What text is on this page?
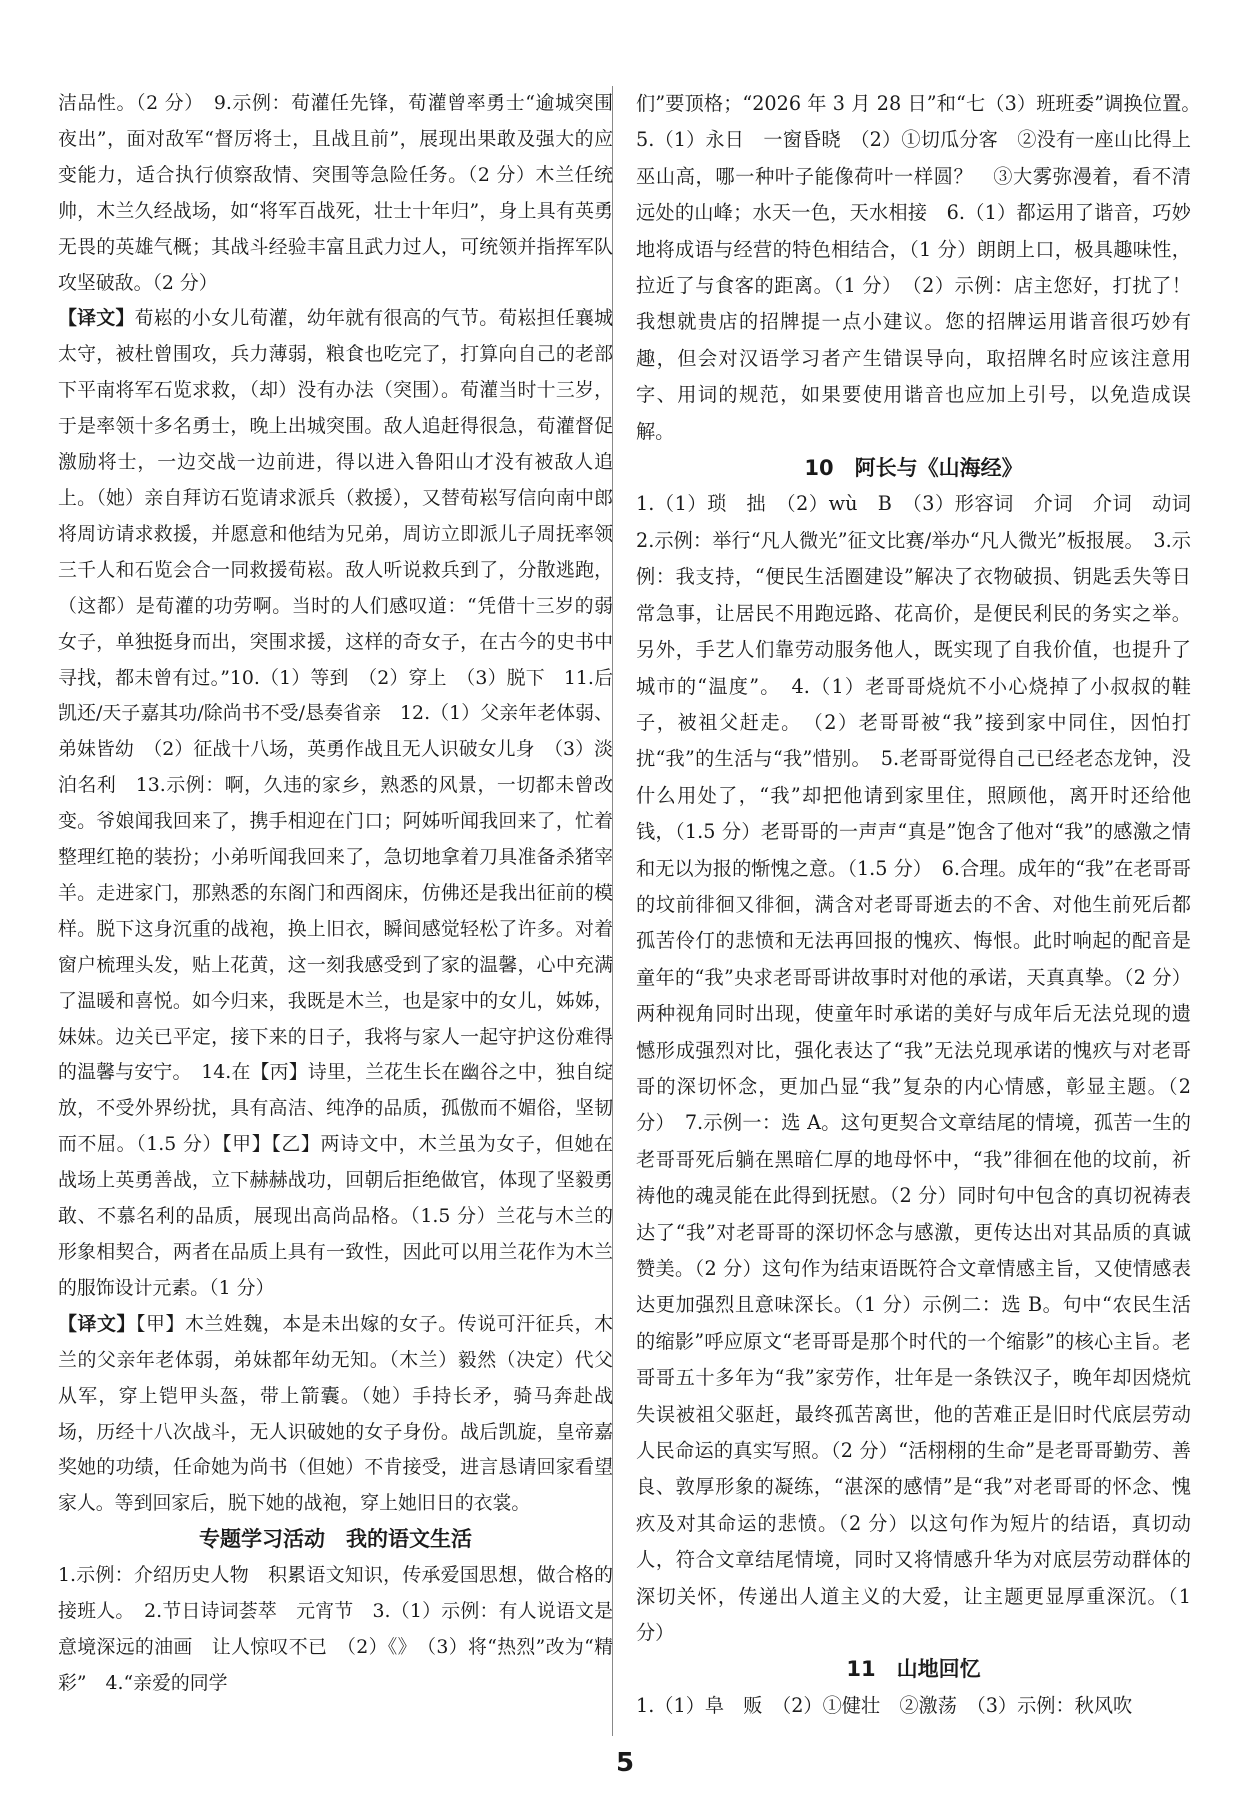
洁品性。（2 分）　9.示例：荀灌任先锋，荀灌曾率勇士“逾城突围夜出”，面对敌军“督厉将士，且战且前”，展现出果敢及强大的应变能力，适合执行侦察敌情、突围等急险任务。（2 分）木兰任统帅，木兰久经战场，如“将军百战死，壮士十年归”，身上具有英勇无畏的英雄气概；其战斗经验丰富且武力过人，可统领并指挥军队攻坚破敌。（2 分）

【译文】荀崧的小女儿荀灌，幼年就有很高的气节。荀崧担任襄城太守，被杜曾围攻，兵力薄弱，粮食也吃完了，打算向自己的老部下平南将军石览求救，（却）没有办法（突围）。荀灌当时十三岁，于是率领十多名勇士，晚上出城突围。敌人追赶得很急，荀灌督促激励将士，一边交战一边前进，得以进入鲁阳山才没有被敌人追上。（她）亲自拜访石览请求派兵（救援），又替荀崧写信向南中郎将周访请求救援，并愿意和他结为兄弟，周访立即派儿子周抚率领三千人和石览会合一同救援荀崧。敌人听说救兵到了，分散逃跑，（这都）是荀灌的功劳啊。当时的人们感叹道：“凭借十三岁的弱女子，单独挺身而出，突围求援，这样的奇女子，在古今的史书中寻找，都未曾有过。”10.（1）等到　（2）穿上　（3）脱下　11.后凯还/天子嘉其功/除尚书不受/恳奏省亲　12.（1）父亲年老体弱、弟妹皆幼　（2）征战十八场，英勇作战且无人识破女儿身　（3）淡泊名利　13.示例：啊，久违的家乡，熟悉的风景，一切都未曾改变。爷娘闻我回来了，携手相迎在门口；阿姊听闻我回来了，忙着整理红艳的装扮；小弟听闻我回来了，急切地拿着刀具准备杀猪宰羊。走进家门，那熟悉的东阁门和西阁床，仿佛还是我出征前的模样。脱下这身沉重的战袍，换上旧衣，瞬间感觉轻松了许多。对着窗户梳理头发，贴上花黄，这一刻我感受到了家的温馨，心中充满了温暖和喜悦。如今归来，我既是木兰，也是家中的女儿，姊姊，妹妹。边关已平定，接下来的日子，我将与家人一起守护这份难得的温馨与安宁。　14.在【丙】诗里，兰花生长在幽谷之中，独自绽放，不受外界纷扰，具有高洁、纯净的品质，孤傲而不媚俗，坚韧而不屈。（1.5 分）【甲】【乙】两诗文中，木兰虽为女子，但她在战场上英勇善战，立下赫赫战功，回朝后拒绝做官，体现了坚毅勇敢、不慕名利的品质，展现出高尚品格。（1.5 分）兰花与木兰的形象相契合，两者在品质上具有一致性，因此可以用兰花作为木兰的服饰设计元素。（1 分）

【译文】【甲】木兰姓魏，本是未出嫁的女子。传说可汗征兵，木兰的父亲年老体弱，弟妹都年幼无知。（木兰）毅然（决定）代父从军，穿上铠甲头盔，带上箭囊。（她）手持长矛，骑马奔赴战场，历经十八次战斗，无人识破她的女子身份。战后凯旋，皇帝嘉奖她的功绩，任命她为尚书（但她）不肯接受，进言恳请回家看望家人。等到回家后，脱下她的战袍，穿上她旧日的衣裳。

专题学习活动　我的语文生活

1.示例：介绍历史人物　积累语文知识，传承爱国思想，做合格的接班人。　2.节日诗词荟萃　元宵节　3.（1）示例：有人说语文是意境深远的油画　让人惊叹不已　（2）《》　（3）将“热烈”改为“精彩”　4.“亲爱的同学

们”要顶格；“2026 年 3 月 28 日”和“七（3）班班委”调换位置。　5.（1）永日　一窗昏晓　（2）①切瓜分客　②没有一座山比得上巫山高，哪一种叶子能像荷叶一样圆？　③大雾弥漫着，看不清远处的山峰；水天一色，天水相接　6.（1）都运用了谐音，巧妙地将成语与经营的特色相结合，（1 分）朗朗上口，极具趣味性，拉近了与食客的距离。（1 分）　（2）示例：店主您好，打扰了！我想就贵店的招牌提一点小建议。您的招牌运用谐音很巧妙有趣，但会对汉语学习者产生错误导向，取招牌名时应该注意用字、用词的规范，如果要使用谐音也应加上引号，以免造成误解。

10　阿长与《山海经》

1.（1）琐　拙　（2）wù　B　（3）形容词　介词　介词　动词　2.示例：举行“凡人微光”征文比赛/举办“凡人微光”板报展。　3.示例：我支持，“便民生活圈建设”解决了衣物破损、钥匙丢失等日常急事，让居民不用跑远路、花高价，是便民利民的务实之举。另外，手艺人们靠劳动服务他人，既实现了自我价值，也提升了城市的“温度”。　4.（1）老哥哥烧炕不小心烧掉了小叔叔的鞋子，被祖父赶走。　（2）老哥哥被“我”接到家中同住，因怕打扰“我”的生活与“我”惜别。　5.老哥哥觉得自己已经老态龙钟，没什么用处了，“我”却把他请到家里住，照顾他，离开时还给他钱，（1.5 分）老哥哥的一声声“真是”饱含了他对“我”的感激之情和无以为报的惭愧之意。（1.5 分）　6.合理。成年的“我”在老哥哥的坟前徘徊又徘徊，满含对老哥哥逝去的不舍、对他生前死后都孤苦伶仃的悲愤和无法再回报的愧疚、悔恨。此时响起的配音是童年的“我”央求老哥哥讲故事时对他的承诺，天真真挚。（2 分）两种视角同时出现，使童年时承诺的美好与成年后无法兑现的遗憾形成强烈对比，强化表达了“我”无法兑现承诺的愧疚与对老哥哥的深切怀念，更加凸显“我”复杂的内心情感，彰显主题。（2 分）　7.示例一：选 A。这句更契合文章结尾的情境，孤苦一生的老哥哥死后躺在黑暗仁厚的地母怀中，“我”徘徊在他的坟前，祈祷他的魂灵能在此得到抚慰。（2 分）同时句中包含的真切祝祷表达了“我”对老哥哥的深切怀念与感激，更传达出对其品质的真诚赞美。（2 分）这句作为结束语既符合文章情感主旨，又使情感表达更加强烈且意味深长。（1 分）示例二：选 B。句中“农民生活的缩影”呼应原文“老哥哥是那个时代的一个缩影”的核心主旨。老哥哥五十多年为“我”家劳作，壮年是一条铁汉子，晚年却因烧炕失误被祖父驱赶，最终孤苦离世，他的苦难正是旧时代底层劳动人民命运的真实写照。（2 分）“活栩栩的生命”是老哥哥勤劳、善良、敦厚形象的凝练，“湛深的感情”是“我”对老哥哥的怀念、愧疚及对其命运的悲愤。（2 分）以这句作为短片的结语，真切动人，符合文章结尾情境，同时又将情感升华为对底层劳动群体的深切关怀，传递出人道主义的大爱，让主题更显厚重深沉。（1 分）

11　山地回忆

1.（1）阜　贩　（2）①健壮　②激荡　（3）示例：秋风吹

5
